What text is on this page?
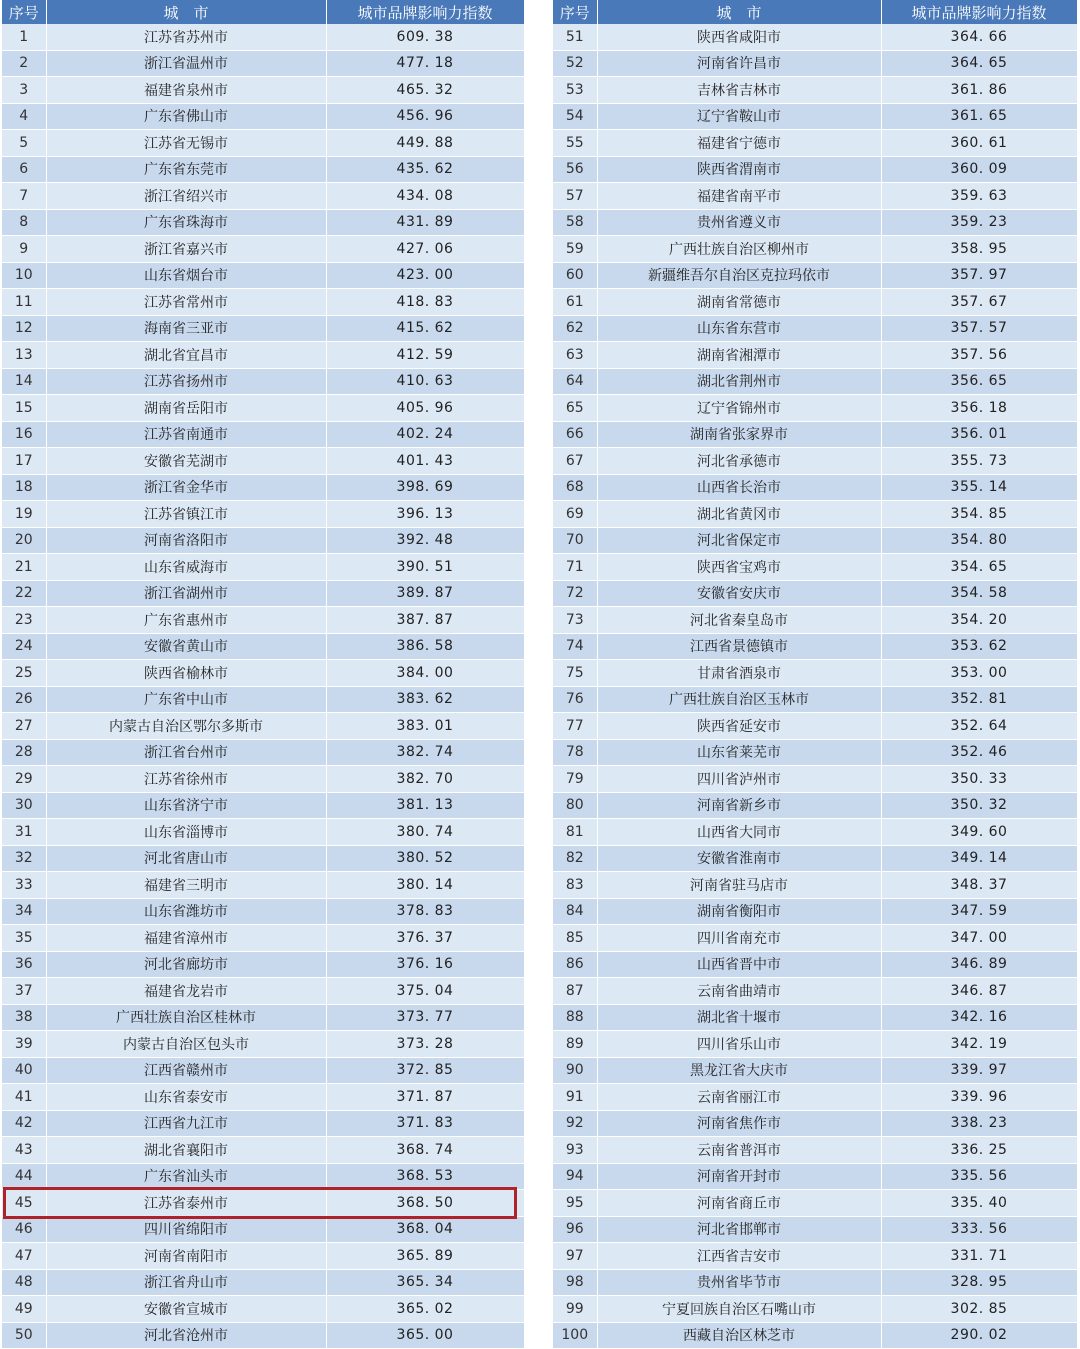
序号	城　市	城市品牌影响力指数
1	江苏省苏州市	609. 38
2	浙江省温州市	477. 18
3	福建省泉州市	465. 32
4	广东省佛山市	456. 96
5	江苏省无锡市	449. 88
6	广东省东莞市	435. 62
7	浙江省绍兴市	434. 08
8	广东省珠海市	431. 89
9	浙江省嘉兴市	427. 06
10	山东省烟台市	423. 00
11	江苏省常州市	418. 83
12	海南省三亚市	415. 62
13	湖北省宜昌市	412. 59
14	江苏省扬州市	410. 63
15	湖南省岳阳市	405. 96
16	江苏省南通市	402. 24
17	安徽省芜湖市	401. 43
18	浙江省金华市	398. 69
19	江苏省镇江市	396. 13
20	河南省洛阳市	392. 48
21	山东省威海市	390. 51
22	浙江省湖州市	389. 87
23	广东省惠州市	387. 87
24	安徽省黄山市	386. 58
25	陕西省榆林市	384. 00
26	广东省中山市	383. 62
27	内蒙古自治区鄂尔多斯市	383. 01
28	浙江省台州市	382. 74
29	江苏省徐州市	382. 70
30	山东省济宁市	381. 13
31	山东省淄博市	380. 74
32	河北省唐山市	380. 52
33	福建省三明市	380. 14
34	山东省潍坊市	378. 83
35	福建省漳州市	376. 37
36	河北省廊坊市	376. 16
37	福建省龙岩市	375. 04
38	广西壮族自治区桂林市	373. 77
39	内蒙古自治区包头市	373. 28
40	江西省赣州市	372. 85
41	山东省泰安市	371. 87
42	江西省九江市	371. 83
43	湖北省襄阳市	368. 74
44	广东省汕头市	368. 53
45	江苏省泰州市	368. 50
46	四川省绵阳市	368. 04
47	河南省南阳市	365. 89
48	浙江省舟山市	365. 34
49	安徽省宣城市	365. 02
50	河北省沧州市	365. 00
序号	城　市	城市品牌影响力指数
51	陕西省咸阳市	364. 66
52	河南省许昌市	364. 65
53	吉林省吉林市	361. 86
54	辽宁省鞍山市	361. 65
55	福建省宁德市	360. 61
56	陕西省渭南市	360. 09
57	福建省南平市	359. 63
58	贵州省遵义市	359. 23
59	广西壮族自治区柳州市	358. 95
60	新疆维吾尔自治区克拉玛依市	357. 97
61	湖南省常德市	357. 67
62	山东省东营市	357. 57
63	湖南省湘潭市	357. 56
64	湖北省荆州市	356. 65
65	辽宁省锦州市	356. 18
66	湖南省张家界市	356. 01
67	河北省承德市	355. 73
68	山西省长治市	355. 14
69	湖北省黄冈市	354. 85
70	河北省保定市	354. 80
71	陕西省宝鸡市	354. 65
72	安徽省安庆市	354. 58
73	河北省秦皇岛市	354. 20
74	江西省景德镇市	353. 62
75	甘肃省酒泉市	353. 00
76	广西壮族自治区玉林市	352. 81
77	陕西省延安市	352. 64
78	山东省莱芜市	352. 46
79	四川省泸州市	350. 33
80	河南省新乡市	350. 32
81	山西省大同市	349. 60
82	安徽省淮南市	349. 14
83	河南省驻马店市	348. 37
84	湖南省衡阳市	347. 59
85	四川省南充市	347. 00
86	山西省晋中市	346. 89
87	云南省曲靖市	346. 87
88	湖北省十堰市	342. 16
89	四川省乐山市	342. 19
90	黑龙江省大庆市	339. 97
91	云南省丽江市	339. 96
92	河南省焦作市	338. 23
93	云南省普洱市	336. 25
94	河南省开封市	335. 56
95	河南省商丘市	335. 40
96	河北省邯郸市	333. 56
97	江西省吉安市	331. 71
98	贵州省毕节市	328. 95
99	宁夏回族自治区石嘴山市	302. 85
100	西藏自治区林芝市	290. 02
